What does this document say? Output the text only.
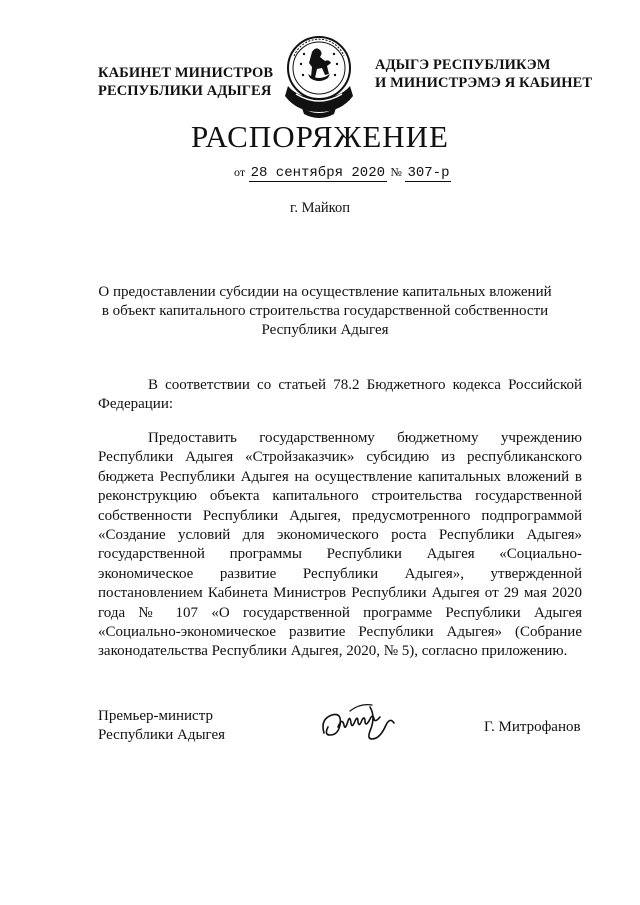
КАБИНЕТ МИНИСТРОВ
РЕСПУБЛИКИ АДЫГЕЯ
АДЫГЭ РЕСПУБЛИКЭМ
И МИНИСТРЭМЭ Я КАБИНЕТ
РАСПОРЯЖЕНИЕ
от 28 сентября 2020 № 307-р
г. Майкоп
О предоставлении субсидии на осуществление капитальных вложений
в объект капитального строительства государственной собственности
Республики Адыгея
В соответствии со статьей 78.2 Бюджетного кодекса Российской Федерации:
Предоставить государственному бюджетному учреждению Республики Адыгея «Стройзаказчик» субсидию из республиканского бюджета Республики Адыгея на осуществление капитальных вложений в реконструкцию объекта капитального строительства государственной собственности Республики Адыгея, предусмотренного подпрограммой «Создание условий для экономического роста Республики Адыгея» государственной программы Республики Адыгея «Социально-экономическое развитие Республики Адыгея», утвержденной постановлением Кабинета Министров Республики Адыгея от 29 мая 2020 года № 107 «О государственной программе Республики Адыгея «Социально-экономическое развитие Республики Адыгея» (Собрание законодательства Республики Адыгея, 2020, № 5), согласно приложению.
Премьер-министр
Республики Адыгея	Г. Митрофанов
